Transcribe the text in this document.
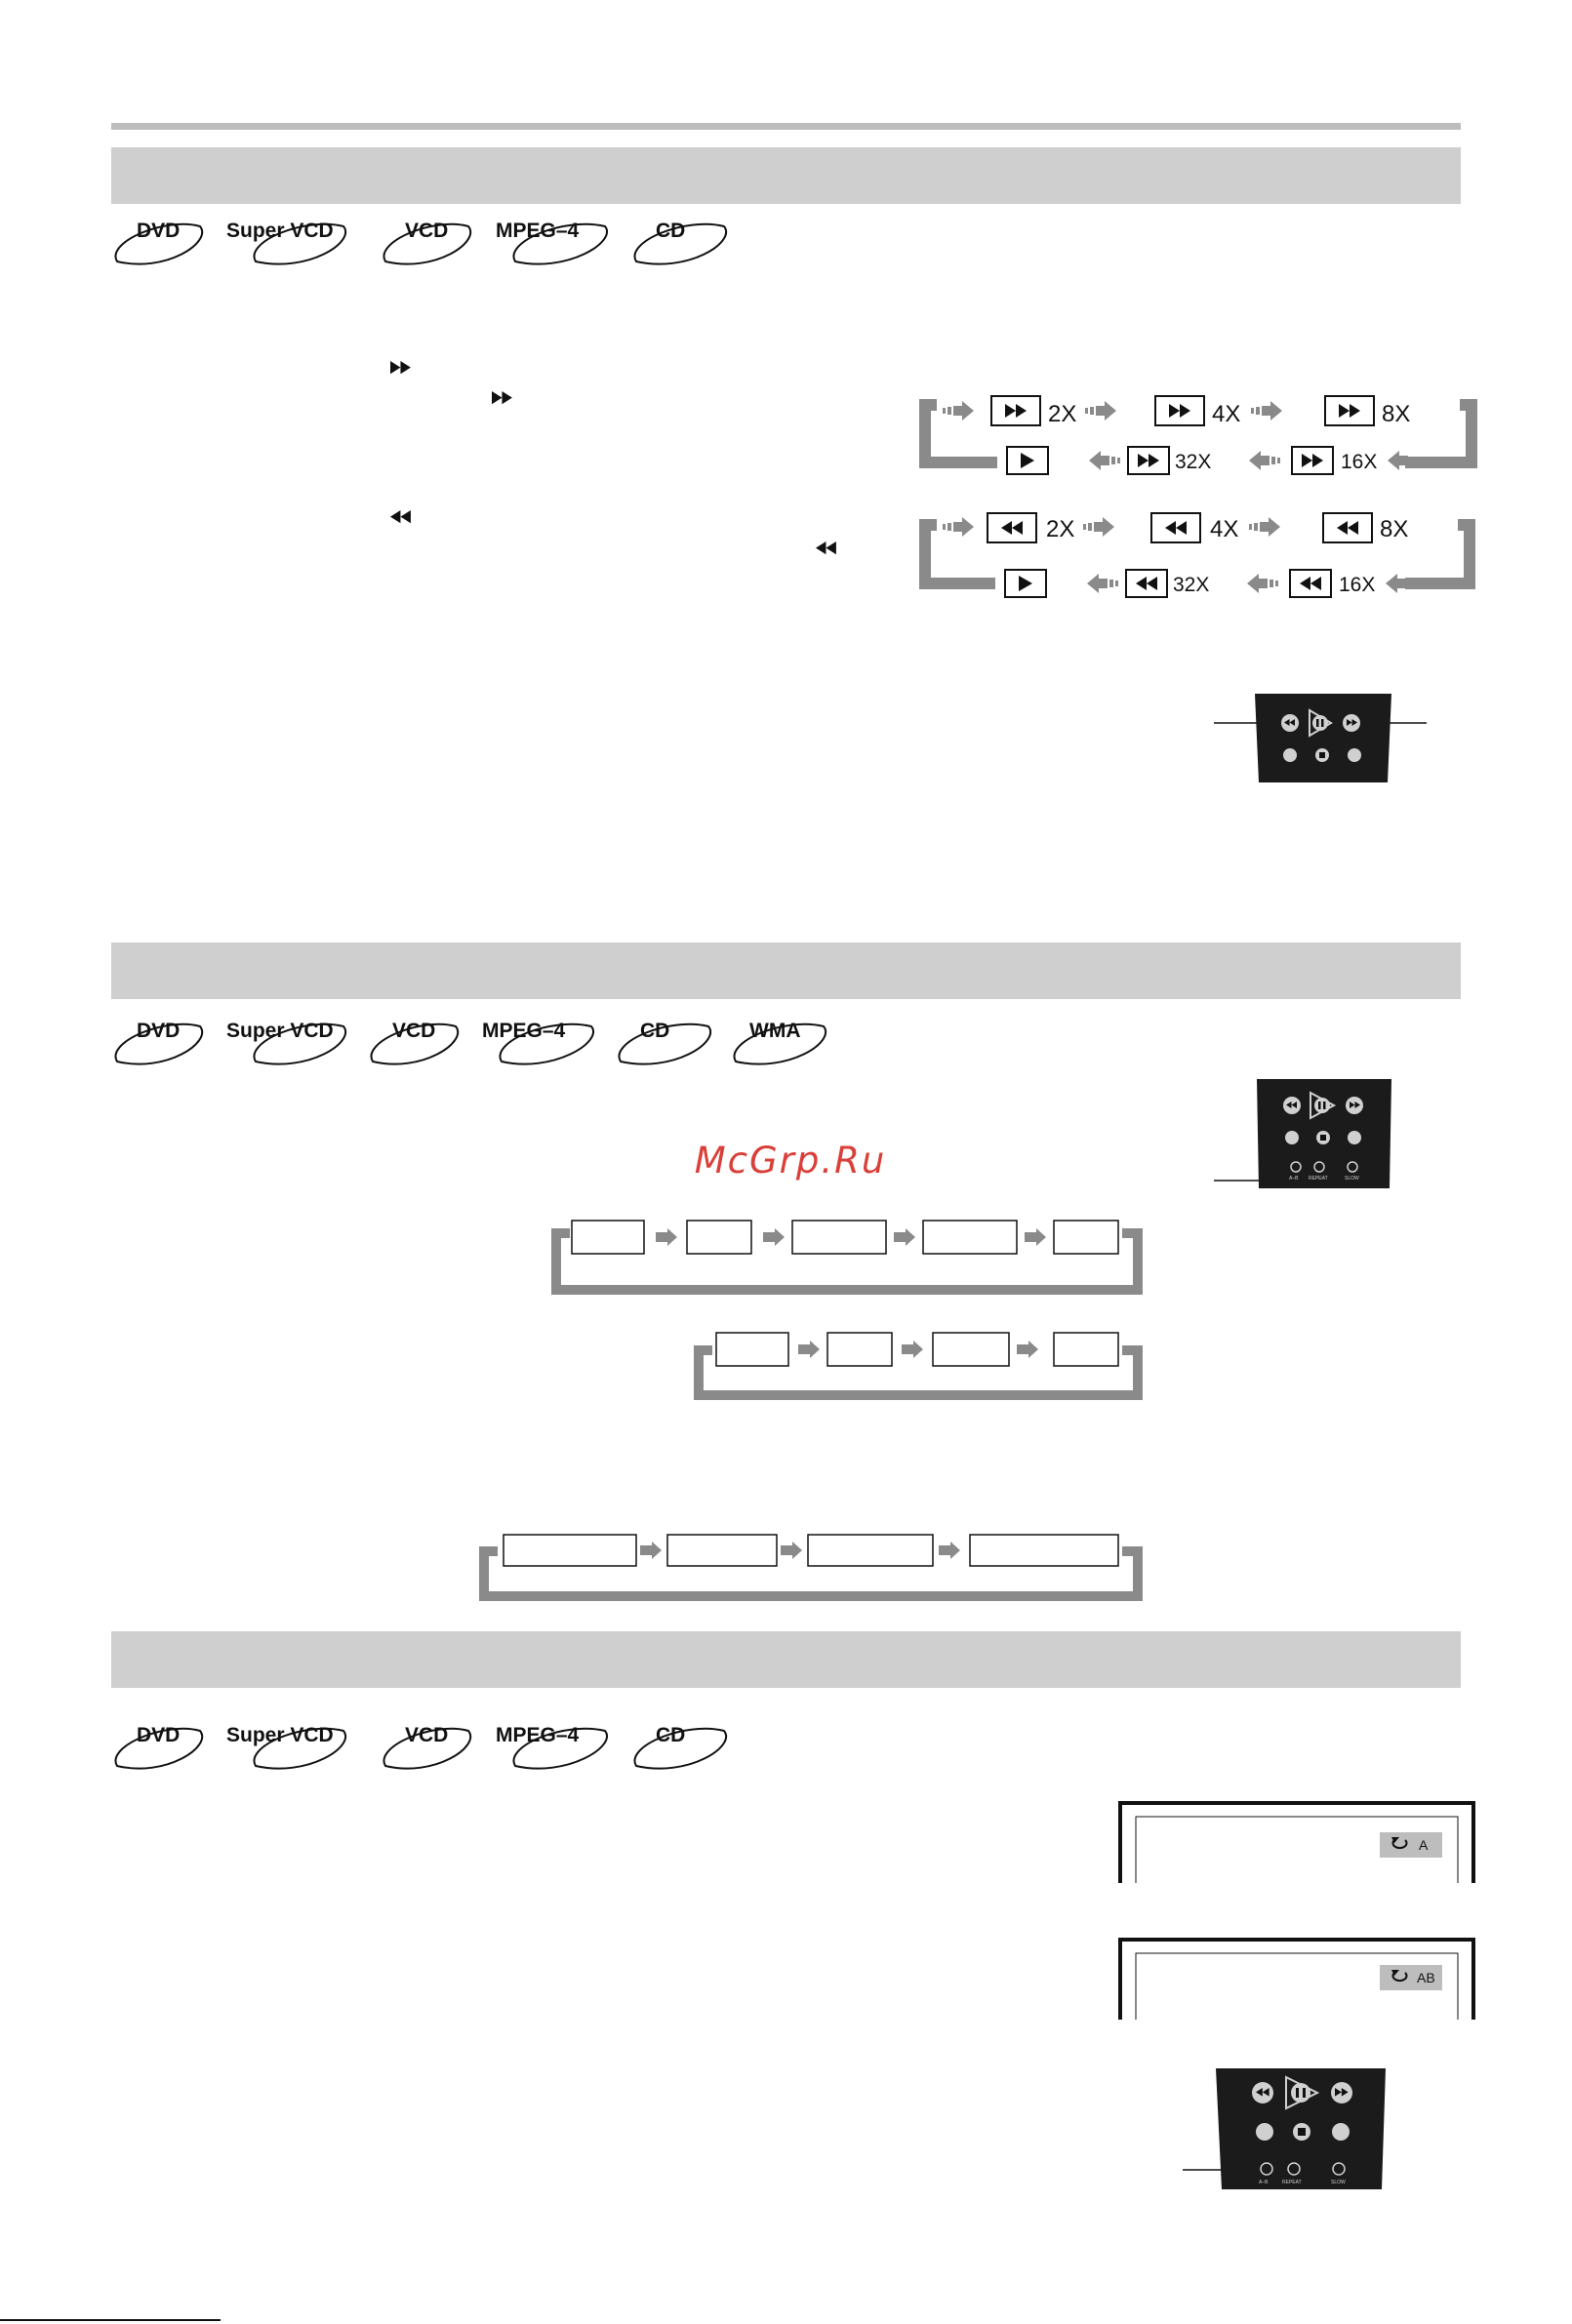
McGrp.Ru
DVD Super VCD	VCD MPEG–4	CD
2X	4X	8X
32X	16X
2X	4X	8X
32X	16X
DVD Super VCD	VCD MPEG–4	CD	WMA
A–B REPEAT	SLOW
DVD Super VCD	VCD MPEG–4	CD
A
AB
A–B	REPEAT	SLOW
